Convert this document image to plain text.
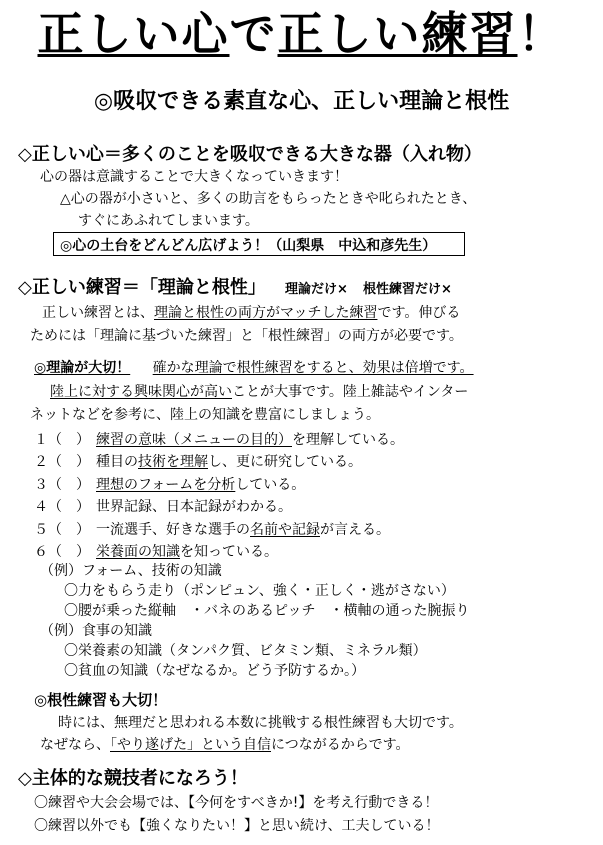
正しい心で正しい練習！
◎吸収できる素直な心、正しい理論と根性
◇正しい心＝多くのことを吸収できる大きな器（入れ物）
心の器は意識することで大きくなっていきます！
△心の器が小さいと、多くの助言をもらったときや叱られたとき、
すぐにあふれてしまいます。
◎心の土台をどんどん広げよう！（山梨県　中込和彦先生）
◇正しい練習＝「理論と根性」 理論だけ× 根性練習だけ×
正しい練習とは、理論と根性の両方がマッチした練習です。伸びる
ためには「理論に基づいた練習」と「根性練習」の両方が必要です。
◎理論が大切！ 確かな理論で根性練習をすると、効果は倍増です。
陸上に対する興味関心が高いことが大事です。陸上雑誌やインター
ネットなどを参考に、陸上の知識を豊富にしましょう。
１（　） 練習の意味（メニューの目的）を理解している。
２（　） 種目の技術を理解し、更に研究している。
３（　） 理想のフォームを分析している。
４（　） 世界記録、日本記録がわかる。
５（　） 一流選手、好きな選手の名前や記録が言える。
６（　） 栄養面の知識を知っている。
（例）フォーム、技術の知識
〇力をもらう走り（ポンピュン、強く・正しく・逃がさない）
〇腰が乗った縦軸　・バネのあるピッチ　・横軸の通った腕振り
（例）食事の知識
〇栄養素の知識（タンパク質、ビタミン類、ミネラル類）
〇貧血の知識（なぜなるか。どう予防するか。）
◎根性練習も大切！
時には、無理だと思われる本数に挑戦する根性練習も大切です。
なぜなら、「やり遂げた」という自信につながるからです。
◇主体的な競技者になろう！
〇練習や大会会場では、【今何をすべきか!】を考え行動できる！
〇練習以外でも【強くなりたい！】と思い続け、工夫している！
